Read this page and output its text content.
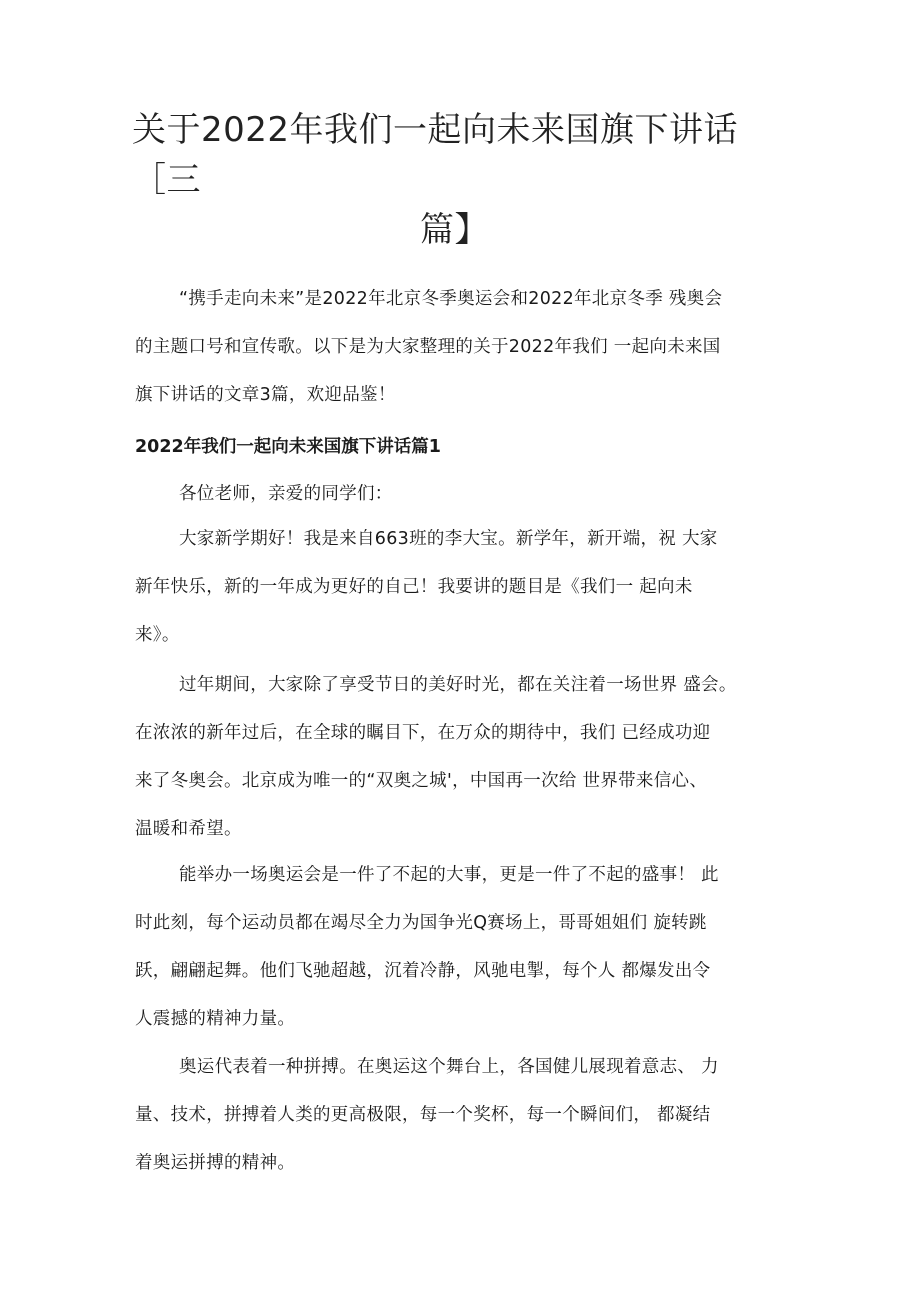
关于2022年我们一起向未来国旗下讲话［三
篇】

“携手走向未来”是2022年北京冬季奥运会和2022年北京冬季 残奥会
的主题口号和宣传歌。以下是为大家整理的关于2022年我们 一起向未来国
旗下讲话的文章3篇，欢迎品鉴！

2022年我们一起向未来国旗下讲话篇1

各位老师，亲爱的同学们：

大家新学期好！我是来自663班的李大宝。新学年，新开端，祝 大家
新年快乐，新的一年成为更好的自己！我要讲的题目是《我们一 起向未
来》。

过年期间，大家除了享受节日的美好时光，都在关注着一场世界 盛会。
在浓浓的新年过后，在全球的瞩目下，在万众的期待中，我们 已经成功迎
来了冬奥会。北京成为唯一的“双奥之城'，中国再一次给 世界带来信心、
温暖和希望。

能举办一场奥运会是一件了不起的大事，更是一件了不起的盛事！ 此
时此刻，每个运动员都在竭尽全力为国争光Q赛场上，哥哥姐姐们 旋转跳
跃，翩翩起舞。他们飞驰超越，沉着冷静，风驰电掣，每个人 都爆发出令
人震撼的精神力量。

奥运代表着一种拼搏。在奥运这个舞台上，各国健儿展现着意志、 力
量、技术，拼搏着人类的更高极限，每一个奖杯，每一个瞬间们， 都凝结
着奥运拼搏的精神。
